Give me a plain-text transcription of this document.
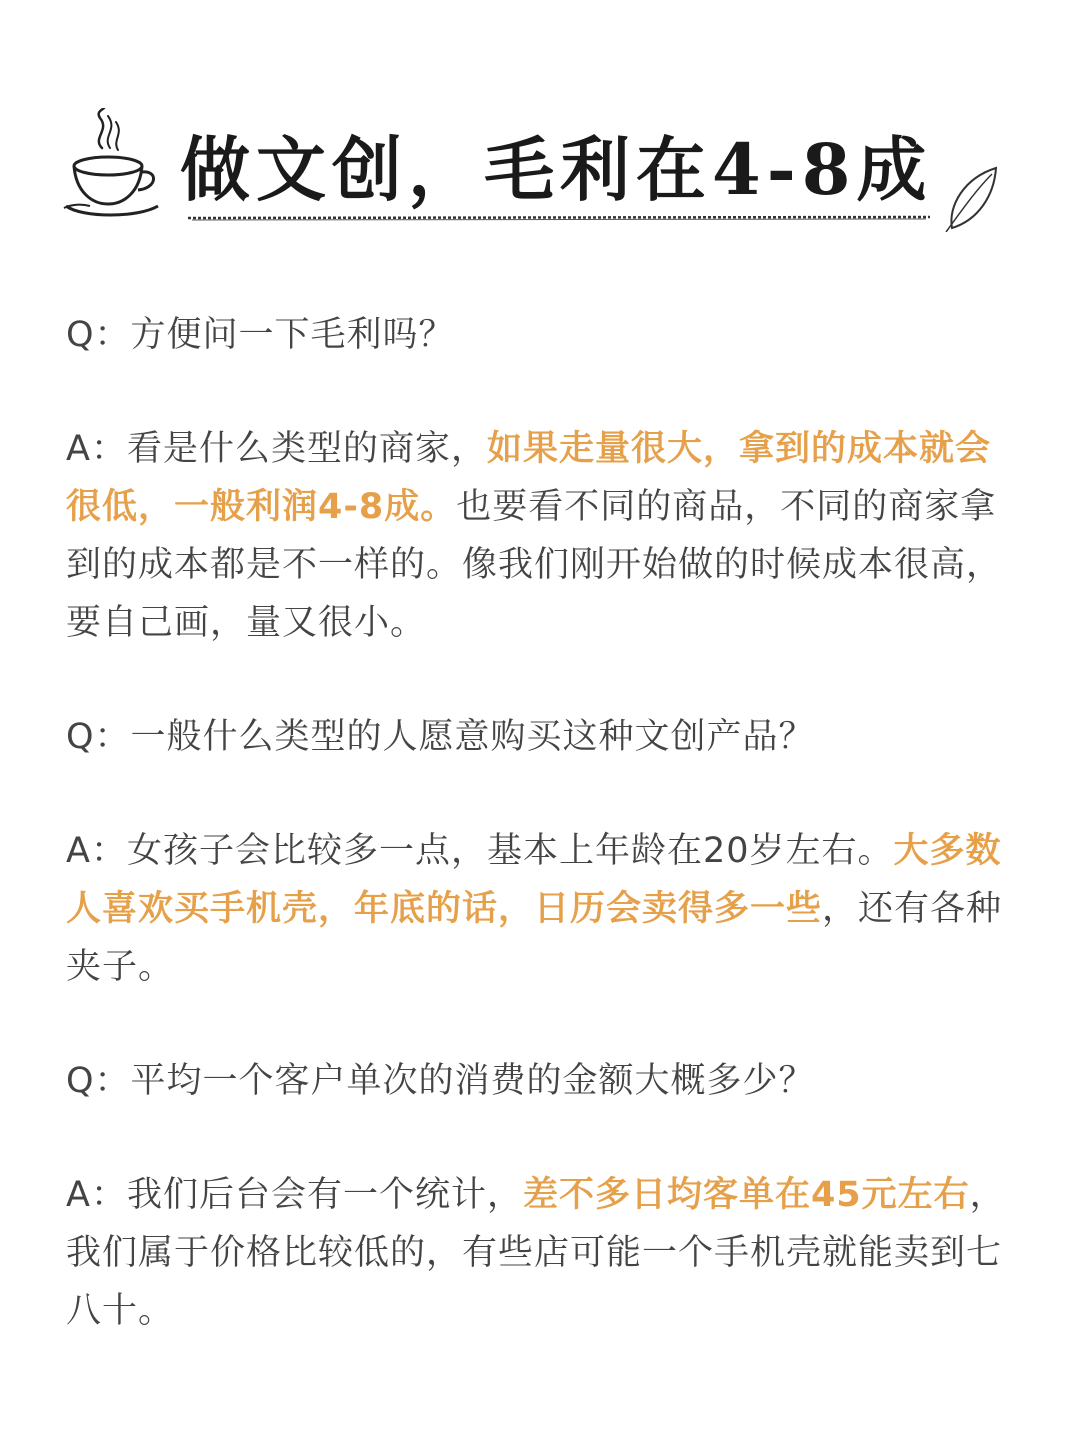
做文创，毛利在4-8成

Q：方便问一下毛利吗？

A：看是什么类型的商家，如果走量很大，拿到的成本就会很低，一般利润4-8成。也要看不同的商品，不同的商家拿到的成本都是不一样的。像我们刚开始做的时候成本很高，要自己画，量又很小。

Q：一般什么类型的人愿意购买这种文创产品？

A：女孩子会比较多一点，基本上年龄在20岁左右。大多数人喜欢买手机壳，年底的话，日历会卖得多一些，还有各种夹子。

Q：平均一个客户单次的消费的金额大概多少？

A：我们后台会有一个统计，差不多日均客单在45元左右，我们属于价格比较低的，有些店可能一个手机壳就能卖到七八十。
